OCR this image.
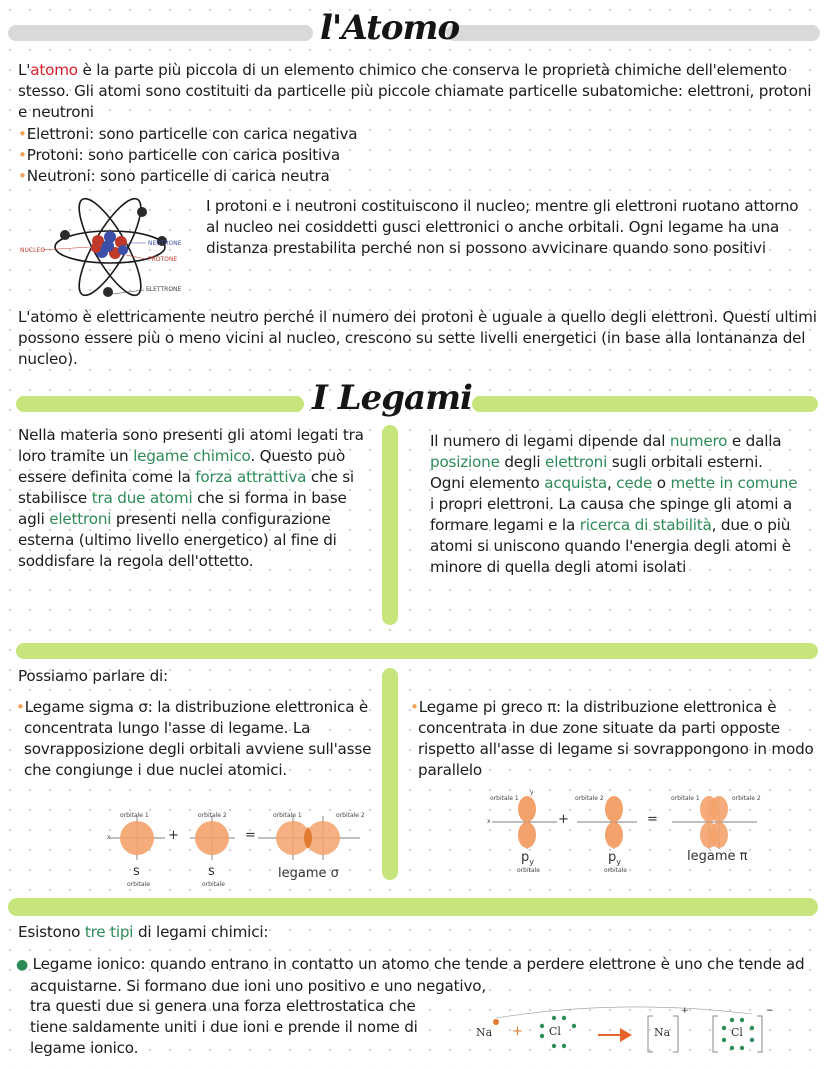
l'Atomo
L'atomo è la parte più piccola di un elemento chimico che conserva le proprietà chimiche dell'elemento stesso. Gli atomi sono costituiti da particelle più piccole chiamate particelle subatomiche: elettroni, protoni e neutroni
•Elettroni: sono particelle con carica negativa
•Protoni: sono particelle con carica positiva
•Neutroni: sono particelle di carica neutra
NUCLEO
NEUTRONE
PROTONE
ELETTRONE
I protoni e i neutroni costituiscono il nucleo; mentre gli elettroni ruotano attorno al nucleo nei cosiddetti gusci elettronici o anche orbitali. Ogni legame ha una distanza prestabilita perché non si possono avvicinare quando sono positivi
L'atomo è elettricamente neutro perché il numero dei protoni è uguale a quello degli elettroni. Questi ultimi possono essere più o meno vicini al nucleo, crescono su sette livelli energetici (in base alla lontananza del nucleo).
I Legami
Nella materia sono presenti gli atomi legati tra loro tramite un legame chimico. Questo può essere definita come la forza attrattiva che si stabilisce tra due atomi che si forma in base agli elettroni presenti nella configurazione esterna (ultimo livello energetico) al fine di soddisfare la regola dell'ottetto.
Il numero di legami dipende dal numero e dalla posizione degli elettroni sugli orbitali esterni. Ogni elemento acquista, cede o mette in comune i propri elettroni. La causa che spinge gli atomi a formare legami e la ricerca di stabilità, due o più atomi si uniscono quando l'energia degli atomi è minore di quella degli atomi isolati
Possiamo parlare di:
•Legame sigma σ: la distribuzione elettronica è concentrata lungo l'asse di legame. La sovrapposizione degli orbitali avviene sull'asse che congiunge i due nuclei atomici.
•Legame pi greco π: la distribuzione elettronica è concentrata in due zone situate da parti opposte rispetto all'asse di legame si sovrappongono in modo parallelo
orbitale 1	orbitale 2	orbitale 1	orbitale 2
x	+	=
s
orbitale
s
orbitale
legame σ
orbitale 1	orbitale 2	orbitale 1	orbitale 2
x
y
+	=
$p_y$
orbitale
$p_y$
orbitale
legame π
Esistono tre tipi di legami chimici:
● Legame ionico: quando entrano in contatto un atomo che tende a perdere elettrone è uno che tende ad acquistarne. Si formano due ioni uno positivo e uno negativo,
tra questi due si genera una forza elettrostatica che tiene saldamente uniti i due ioni e prende il nome di legame ionico.
Na + Cl	Na
+
Cl
−
